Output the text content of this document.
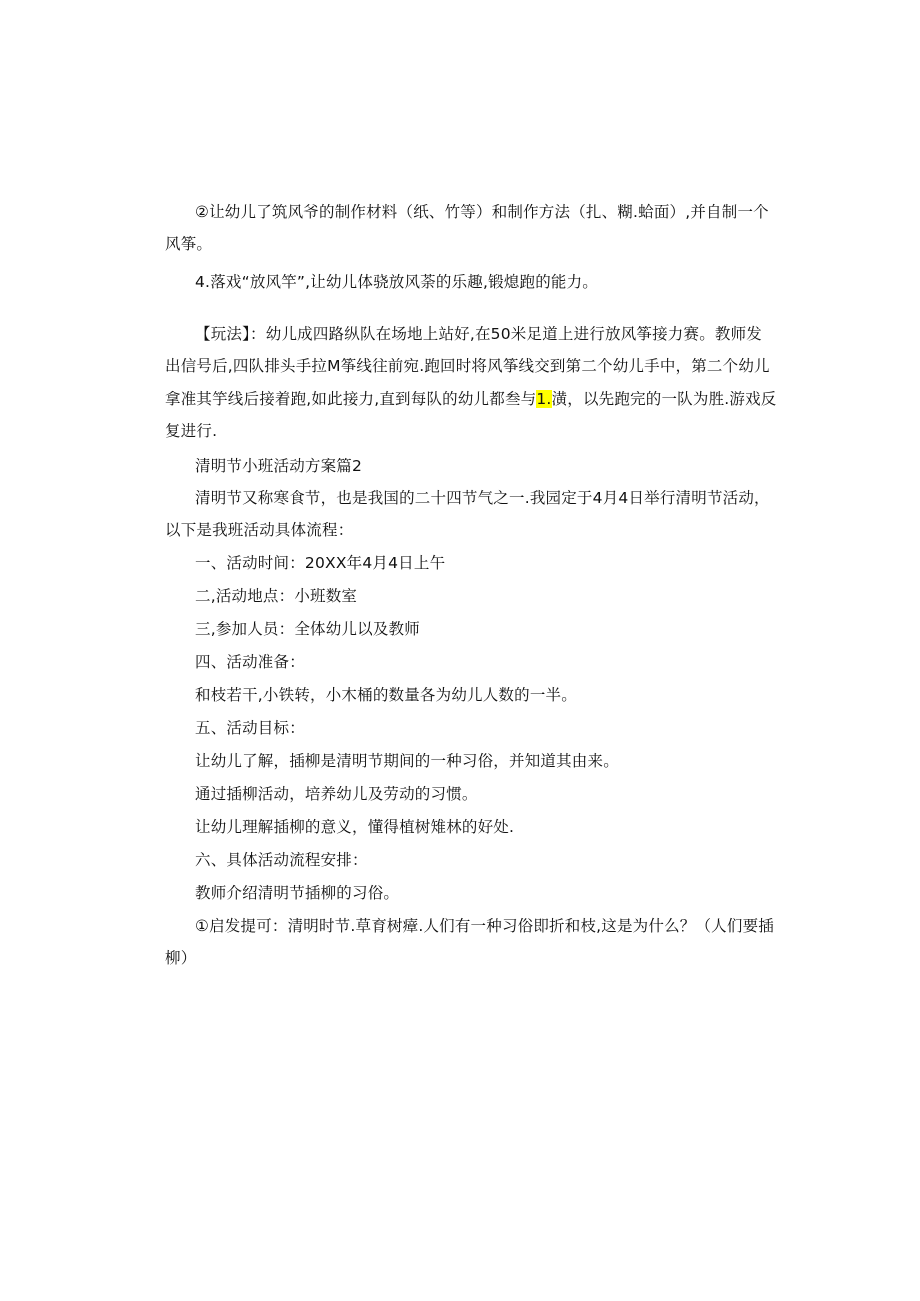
②让幼儿了筑风爷的制作材料（纸、竹等）和制作方法（扎、糊.蛤面）,并自制一个
风筝。
4.落戏“放风竿”,让幼儿体骁放风荼的乐趣,锻熄跑的能力。
【玩法】：幼儿成四路纵队在场地上站好,在50米足道上进行放风筝接力赛。教师发
出信号后,四队排头手拉M筝线往前宛.跑回时将风筝线交到第二个幼儿手中，第二个幼儿
拿准其竽线后接着跑,如此接力,直到每队的幼儿都叁与1.潢，以先跑完的一队为胜.游戏反
复进行.
清明节小班活动方案篇2
清明节又称寒食节，也是我国的二十四节气之一.我园定于4月4日举行清明节活动，
以下是我班活动具体流程：
一、活动时间：20XX年4月4日上午
二,活动地点：小班数室
三,参加人员：全体幼儿以及教师
四、活动准备：
和枝若干,小铁转，小木桶的数量各为幼儿人数的一半。
五、活动目标：
让幼儿了解，插柳是清明节期间的一种习俗，并知道其由来。
通过插柳活动，培养幼儿及劳动的习惯。
让幼儿理解插柳的意义，懂得植树雉林的好处.
六、具体活动流程安排：
教师介绍清明节插柳的习俗。
①启发提可：清明时节.草育树瘴.人们有一种习俗即折和枝,这是为什么？（人们要插
柳）
